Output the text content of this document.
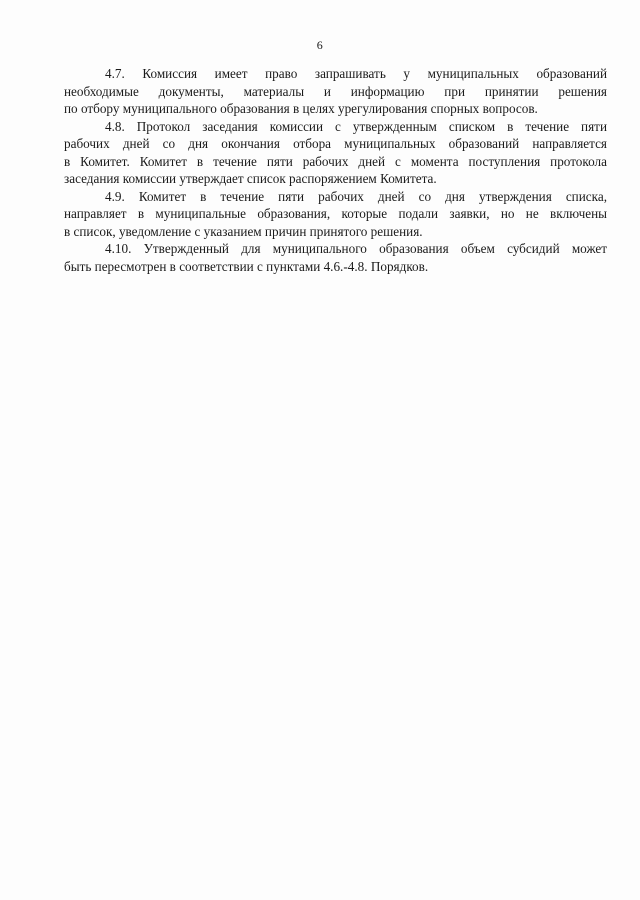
6
4.7. Комиссия имеет право запрашивать у муниципальных образований
необходимые документы, материалы и информацию при принятии решения
по отбору муниципального образования в целях урегулирования спорных вопросов.
4.8. Протокол заседания комиссии с утвержденным списком в течение пяти
рабочих дней со дня окончания отбора муниципальных образований направляется
в Комитет. Комитет в течение пяти рабочих дней с момента поступления протокола
заседания комиссии утверждает список распоряжением Комитета.
4.9. Комитет в течение пяти рабочих дней со дня утверждения списка,
направляет в муниципальные образования, которые подали заявки, но не включены
в список, уведомление с указанием причин принятого решения.
4.10. Утвержденный для муниципального образования объем субсидий может
быть пересмотрен в соответствии с пунктами 4.6.-4.8. Порядков.
